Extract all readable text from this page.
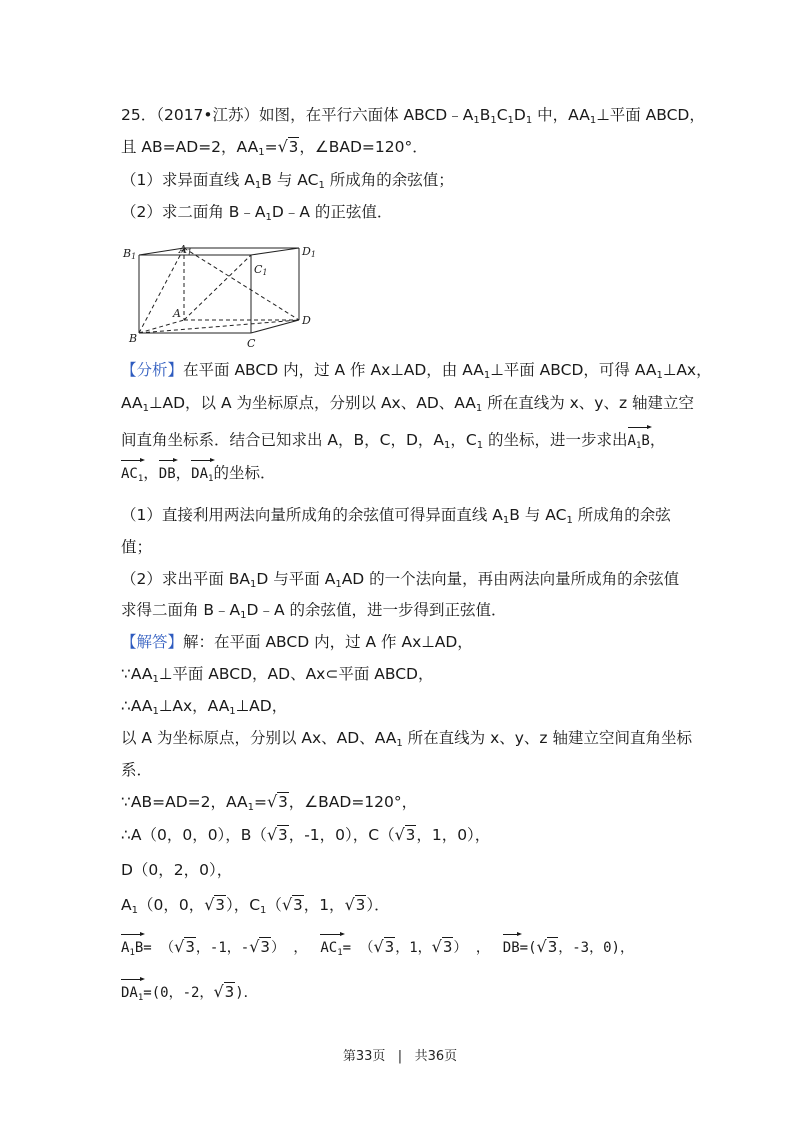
25．（2017•江苏）如图，在平行六面体 $ABCD﹣A_1B_1C_1D_1$ 中，$AA_1\perp$平面 ABCD，
且 AB=AD=2，$AA_1=√3$，∠BAD=120°．
（1）求异面直线 $A_1B$ 与 $AC_1$ 所成角的余弦值；
（2）求二面角 $B﹣A_1D﹣A$ 的正弦值．
B1
A1	D1
C1
A
B	C
D
【分析】在平面 ABCD 内，过 A 作 Ax⊥AD，由 $AA_1\perp$平面 ABCD，可得 $AA_1\perp Ax$，
$AA_1\perp AD$，以 A 为坐标原点，分别以 Ax、AD、$AA_1$ 所在直线为 x、y、z 轴建立空
间直角坐标系．结合已知求出 A，B，C，D，$A_1$，$C_1$ 的坐标，进一步求出
$A_1B$，
$AC_1$，
DB，
$DA_1$的坐标．
（1）直接利用两法向量所成角的余弦值可得异面直线 $A_1B$ 与 $AC_1$ 所成角的余弦
值；
（2）求出平面 $BA_1D$ 与平面 $A_1AD$ 的一个法向量，再由两法向量所成角的余弦值
求得二面角 $B﹣A_1D﹣A$ 的余弦值，进一步得到正弦值．
【解答】解：在平面 ABCD 内，过 A 作 Ax⊥AD，
$\because AA_1\perp$平面 ABCD，AD、Ax⊂平面 ABCD，
$\therefore AA_1\perp Ax$，$AA_1\perp AD$，
以 A 为坐标原点，分别以 Ax、AD、$AA_1$ 所在直线为 x、y、z 轴建立空间直角坐标
系．
∵AB=AD=2，$AA_1=√3$，∠BAD=120°，
∴A（0，0，0），B（√3，-1，0），C（√3，1，0），
D（0，2，0），
$A_1(0$，0，√3），$C_1(√3$，1，√3）．
$A_1B= (√3$，-1，-√3） ， $AC_1= (√3$，1，√3） ， DB=(√3，-3，0)，
$DA_1=(0$，-2，√3)．
第33页 | 共36页
